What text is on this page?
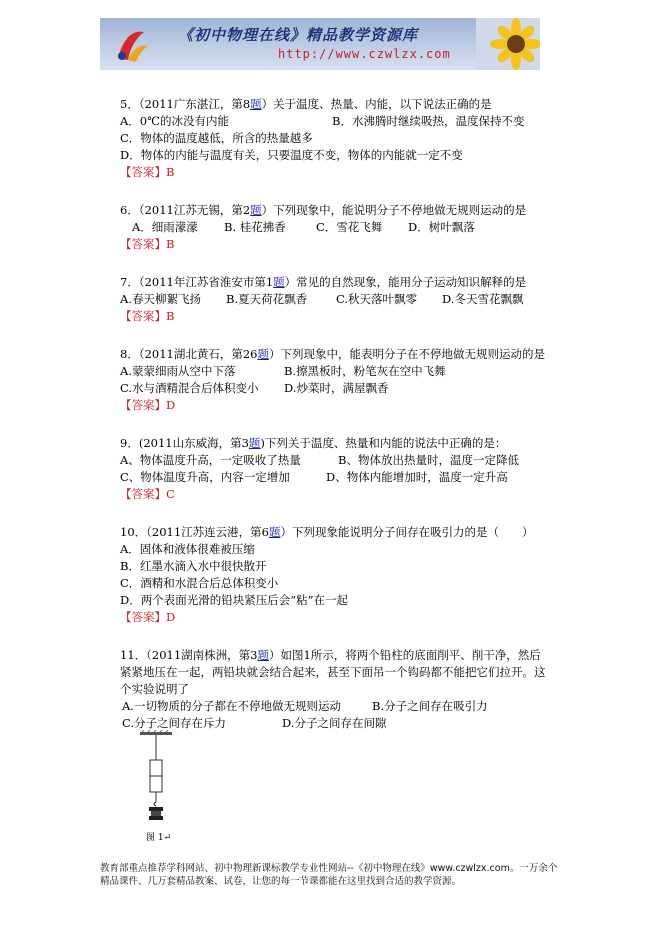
《初中物理在线》精品教学资源库
http://www.czwlzx.com
5．（2011广东湛江，第8题）关于温度、热量、内能，以下说法正确的是
A．0℃的冰没有内能	B．水沸腾时继续吸热，温度保持不变
C．物体的温度越低，所含的热量越多
D．物体的内能与温度有关，只要温度不变，物体的内能就一定不变
【答案】B
6．（2011江苏无锡，第2题）下列现象中，能说明分子不停地做无规则运动的是
A．细雨濛濛	B. 桂花拂香	C．雪花飞舞	D．树叶飘落
【答案】B
7．（2011年江苏省淮安市第1题）常见的自然现象，能用分子运动知识解释的是
A.春天柳絮飞扬	B.夏天荷花飘香	C.秋天落叶飘零	D.冬天雪花飘飘
【答案】B
8．（2011湖北黄石，第26题）下列现象中，能表明分子在不停地做无规则运动的是
A.蒙蒙细雨从空中下落	B.擦黑板时，粉笔灰在空中飞舞
C.水与酒精混合后体积变小	D.炒菜时，满屋飘香
【答案】D
9．(2011山东威海，第3题)下列关于温度、热量和内能的说法中正确的是：
A、物体温度升高，一定吸收了热量	B、物体放出热量时，温度一定降低
C、物体温度升高，内容一定增加	D、物体内能增加时，温度一定升高
【答案】C
10．（2011江苏连云港，第6题）下列现象能说明分子间存在吸引力的是（　　）
A．固体和液体很难被压缩
B．红墨水滴入水中很快散开
C．酒精和水混合后总体积变小
D．两个表面光滑的铅块紧压后会“粘”在一起
【答案】D
11．（2011湖南株洲，第3题）如图1所示，将两个铅柱的底面削平、削干净，然后紧紧地压在一起，两铅块就会结合起来，甚至下面吊一个钩码都不能把它们拉开。这个实验说明了
A.一切物质的分子都在不停地做无规则运动	B.分子之间存在吸引力
C.分子之间存在斥力	D.分子之间存在间隙
图 1↵
教育部重点推荐学科网站、初中物理新课标教学专业性网站--《初中物理在线》www.czwlzx.com。一万余个精品课件、几万套精品教案、试卷，让您的每一节课都能在这里找到合适的教学资源。
